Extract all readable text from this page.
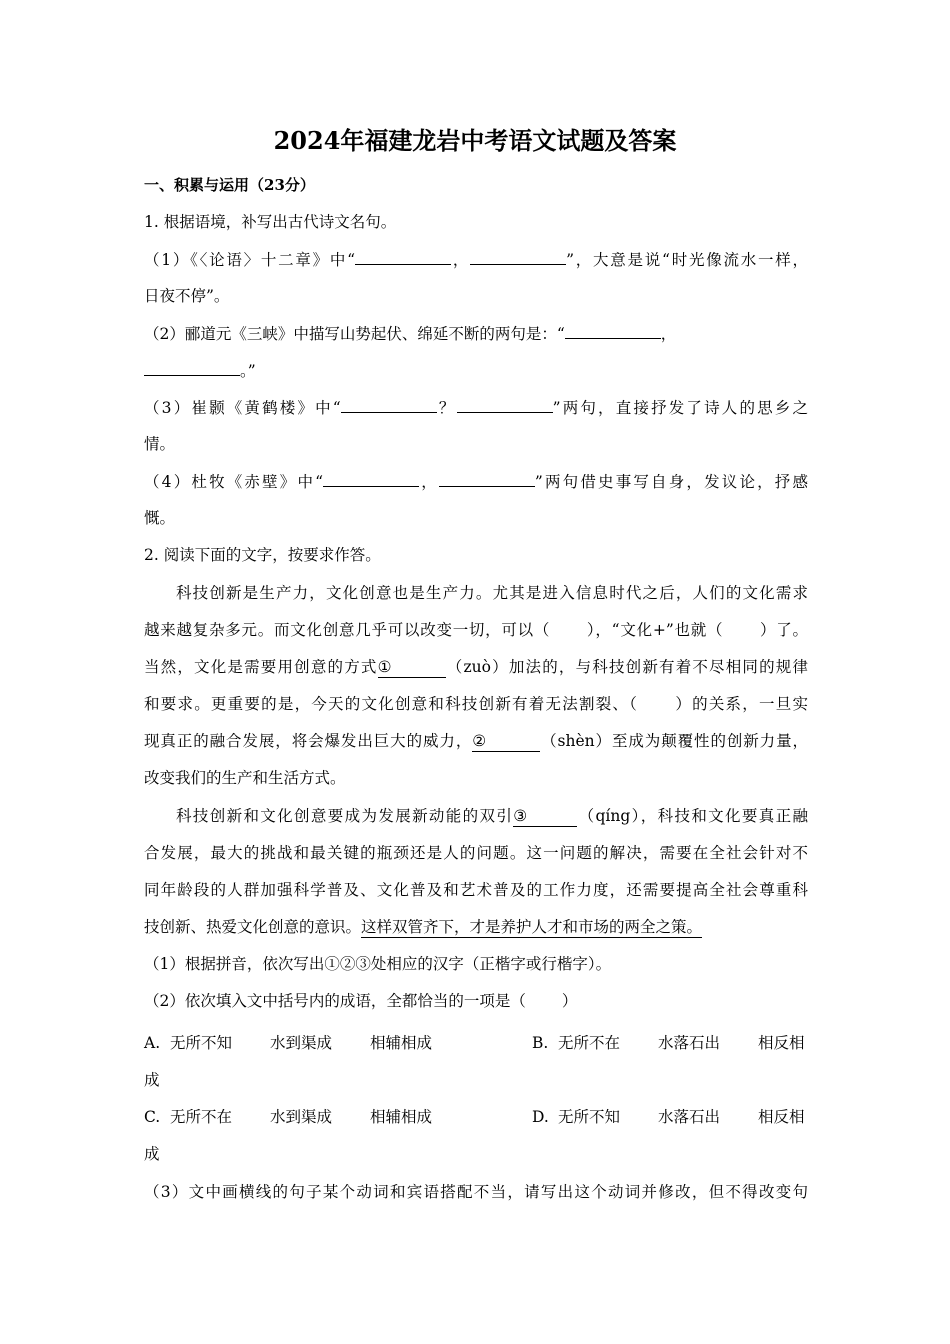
2024年福建龙岩中考语文试题及答案
一、积累与运用（23分）
1. 根据语境，补写出古代诗文名句。
（1）《〈论语〉十二章》中“	，	”，大意是说“时光像流水一样，
日夜不停”。
（2）郦道元《三峡》中描写山势起伏、绵延不断的两句是：“	，
。”
（3）崔颢《黄鹤楼》中“	？	”两句，直接抒发了诗人的思乡之
情。
（4）杜牧《赤壁》中“	，	”两句借史事写自身，发议论，抒感
慨。
2. 阅读下面的文字，按要求作答。
科技创新是生产力，文化创意也是生产力。尤其是进入信息时代之后，人们的文化需求
越来越复杂多元。而文化创意几乎可以改变一切，可以（ ），“文化+”也就（ ）了。
当然，文化是需要用创意的方式①	（zuò）加法的，与科技创新有着不尽相同的规律
和要求。更重要的是，今天的文化创意和科技创新有着无法割裂、（ ）的关系，一旦实
现真正的融合发展，将会爆发出巨大的威力，②	（shèn）至成为颠覆性的创新力量，
改变我们的生产和生活方式。
科技创新和文化创意要成为发展新动能的双引③	（qíng），科技和文化要真正融
合发展，最大的挑战和最关键的瓶颈还是人的问题。这一问题的解决，需要在全社会针对不
同年龄段的人群加强科学普及、文化普及和艺术普及的工作力度，还需要提高全社会尊重科
技创新、热爱文化创意的意识。这样双管齐下，才是养护人才和市场的两全之策。
（1）根据拼音，依次写出①②③处相应的汉字（正楷字或行楷字）。
（2）依次填入文中括号内的成语，全都恰当的一项是（ ）
A. 无所不知 水到渠成 相辅相成	B. 无所不在 水落石出 相反相
成
C. 无所不在 水到渠成 相辅相成	D. 无所不知 水落石出 相反相
成
（3）文中画横线的句子某个动词和宾语搭配不当，请写出这个动词并修改，但不得改变句
